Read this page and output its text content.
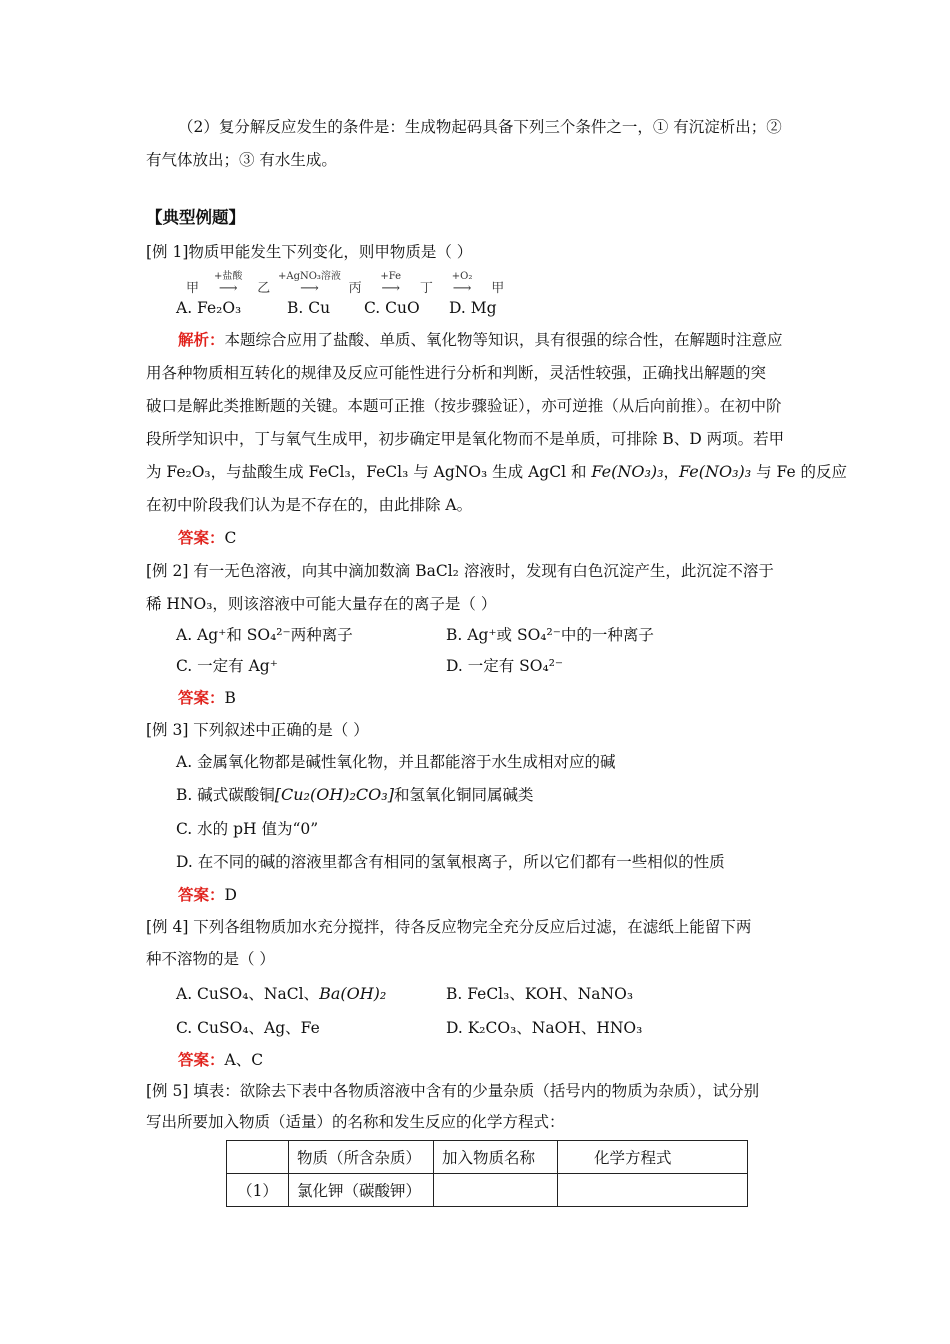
（2）复分解反应发生的条件是：生成物起码具备下列三个条件之一，① 有沉淀析出；②
有气体放出；③ 有水生成。
【典型例题】
[例 1]物质甲能发生下列变化，则甲物质是（ ）
甲
+盐酸
⟶ 乙
+AgNO₃溶液
⟶ 丙
+Fe
⟶ 丁
+O₂
⟶ 甲
A. Fe₂O₃	B. Cu C. CuO D. Mg
解析：本题综合应用了盐酸、单质、氧化物等知识，具有很强的综合性，在解题时注意应
用各种物质相互转化的规律及反应可能性进行分析和判断，灵活性较强，正确找出解题的突
破口是解此类推断题的关键。本题可正推（按步骤验证），亦可逆推（从后向前推）。在初中阶
段所学知识中，丁与氧气生成甲，初步确定甲是氧化物而不是单质，可排除 B、D 两项。若甲
为 Fe₂O₃，与盐酸生成 FeCl₃，FeCl₃ 与 AgNO₃ 生成 AgCl 和 Fe(NO₃)₃，Fe(NO₃)₃ 与 Fe 的反应
在初中阶段我们认为是不存在的，由此排除 A。
答案：C
[例 2] 有一无色溶液，向其中滴加数滴 BaCl₂ 溶液时，发现有白色沉淀产生，此沉淀不溶于
稀 HNO₃，则该溶液中可能大量存在的离子是（ ）
A. Ag⁺和 SO₄²⁻两种离子	B. Ag⁺或 SO₄²⁻中的一种离子
C. 一定有 Ag⁺	D. 一定有 SO₄²⁻
答案：B
[例 3] 下列叙述中正确的是（ ）
A. 金属氧化物都是碱性氧化物，并且都能溶于水生成相对应的碱
B. 碱式碳酸铜[Cu₂(OH)₂CO₃]和氢氧化铜同属碱类
C. 水的 pH 值为“0”
D. 在不同的碱的溶液里都含有相同的氢氧根离子，所以它们都有一些相似的性质
答案：D
[例 4] 下列各组物质加水充分搅拌，待各反应物完全充分反应后过滤，在滤纸上能留下两
种不溶物的是（ ）
A. CuSO₄、NaCl、Ba(OH)₂	B. FeCl₃、KOH、NaNO₃
C. CuSO₄、Ag、Fe	D. K₂CO₃、NaOH、HNO₃
答案：A、C
[例 5] 填表：欲除去下表中各物质溶液中含有的少量杂质（括号内的物质为杂质），试分别
写出所要加入物质（适量）的名称和发生反应的化学方程式：
	物质（所含杂质）	加入物质名称	化学方程式
（1）	氯化钾（碳酸钾）		
